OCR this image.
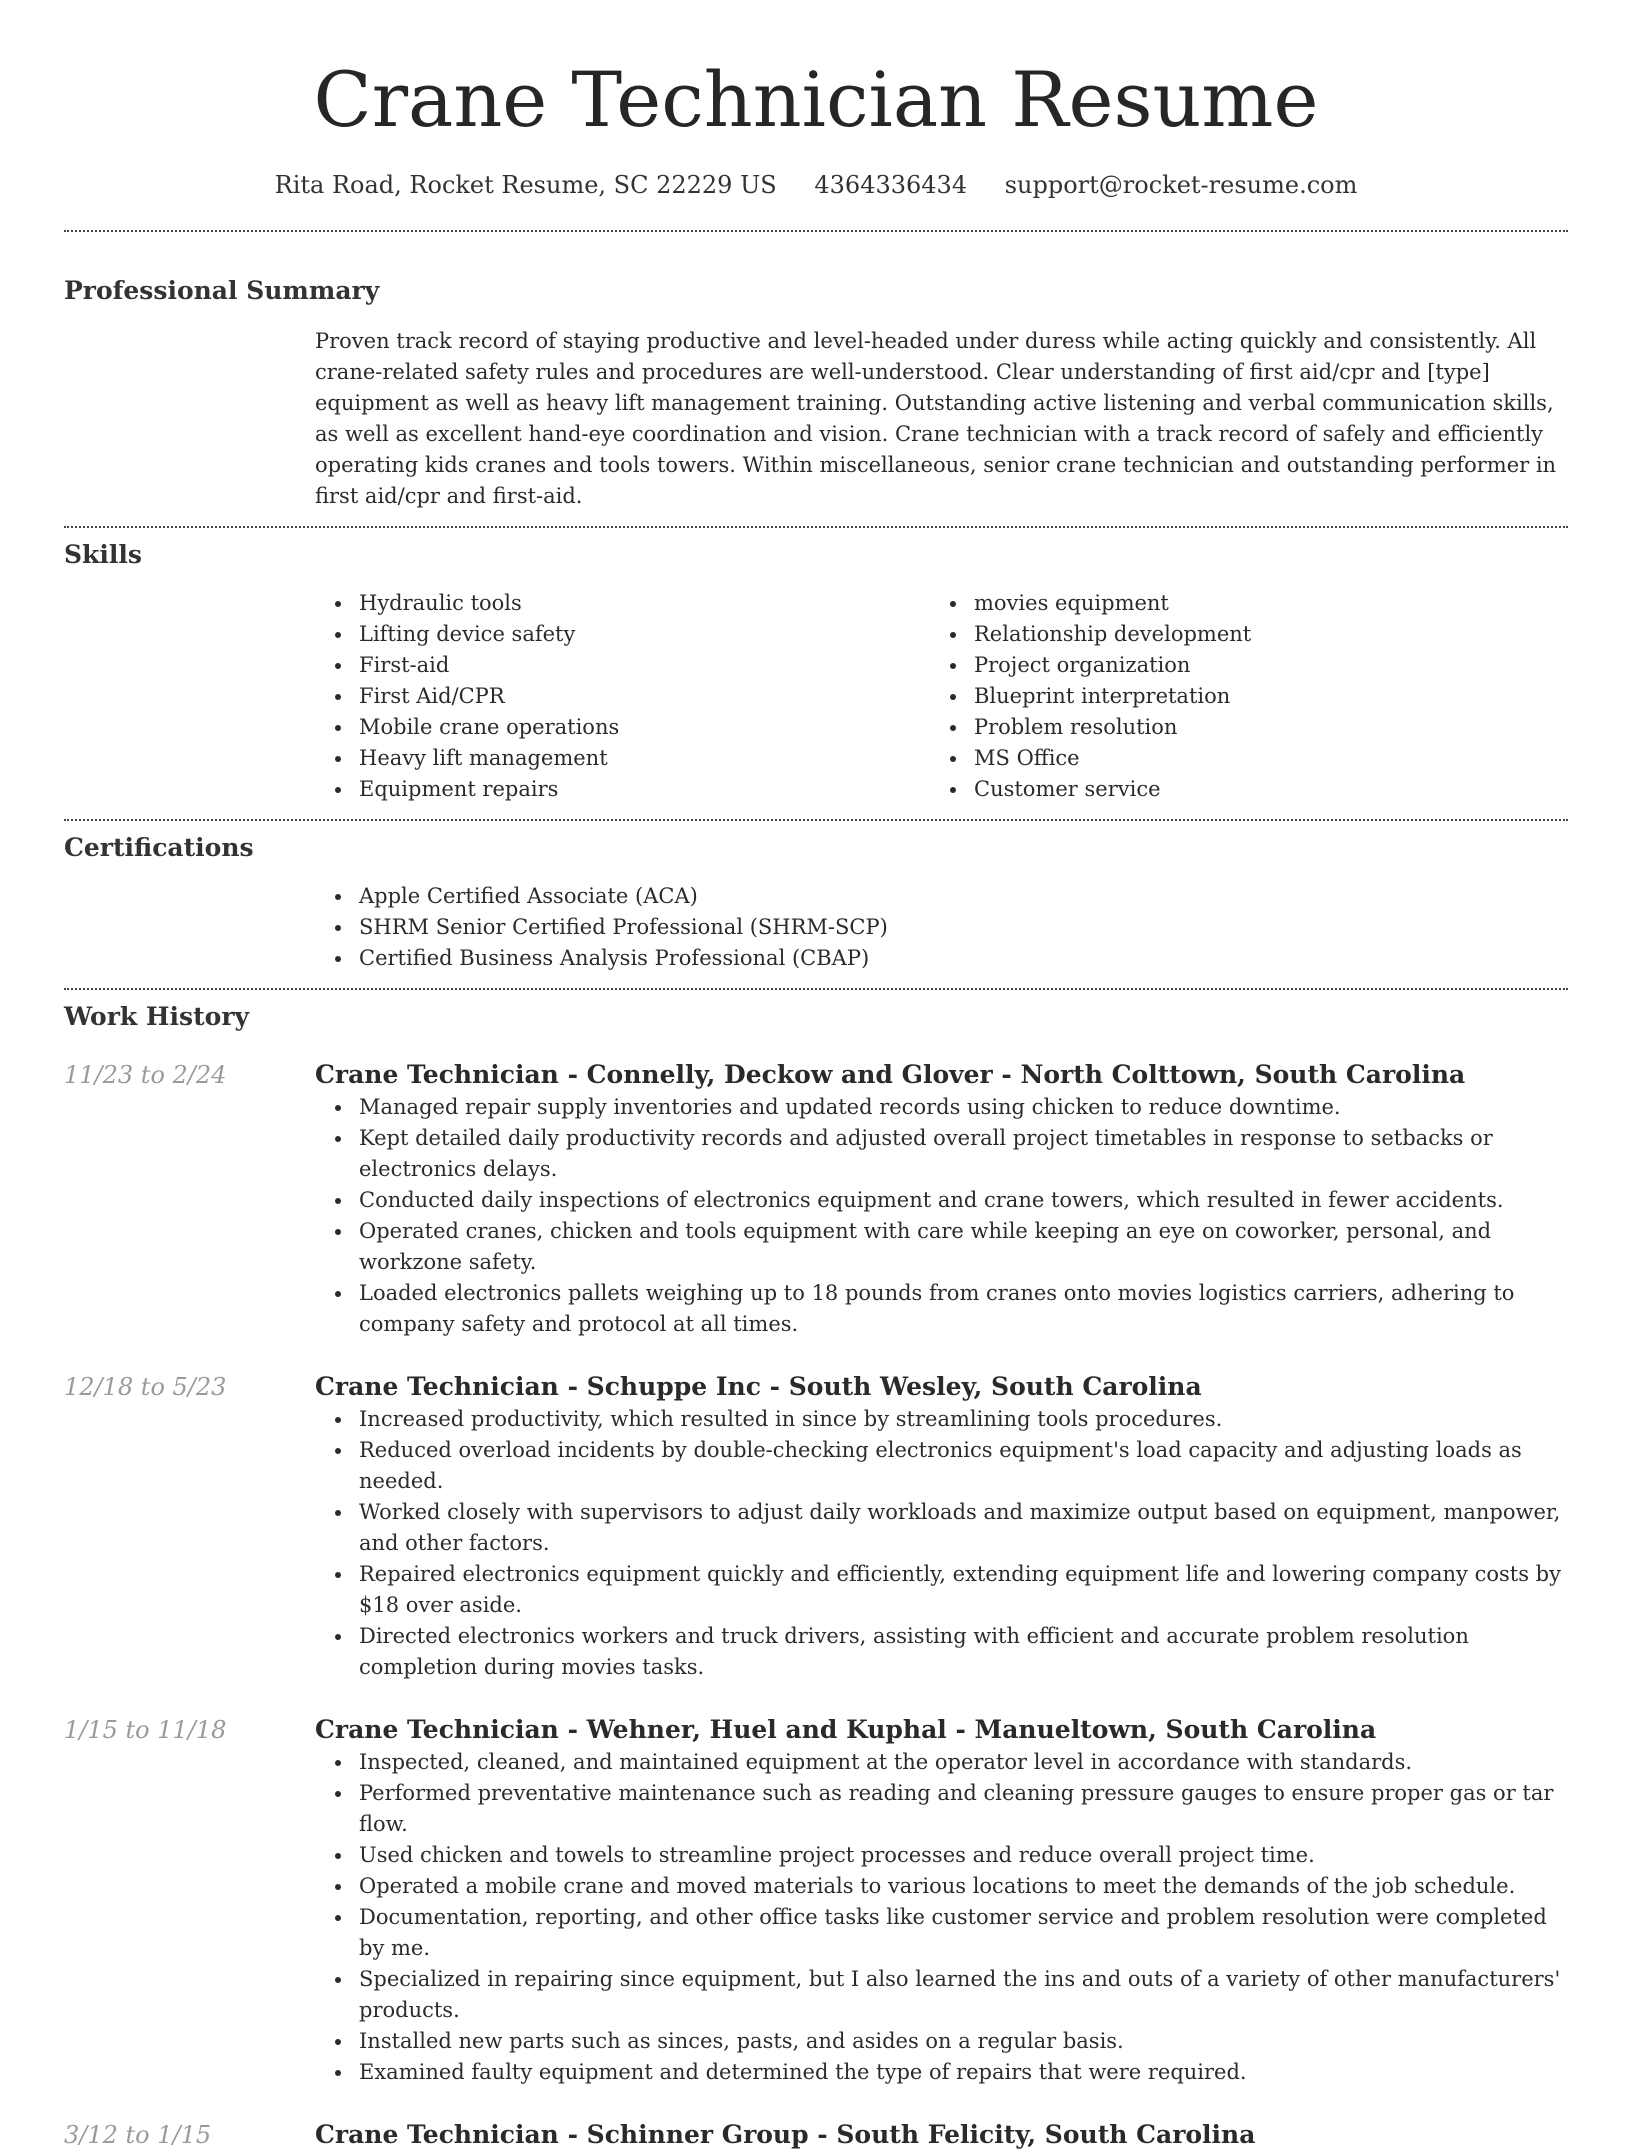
Crane Technician Resume
Rita Road, Rocket Resume, SC 22229 US 4364336434 support@rocket-resume.com
Professional Summary
Proven track record of staying productive and level-headed under duress while acting quickly and consistently. All crane-related safety rules and procedures are well-understood. Clear understanding of first aid/cpr and [type] equipment as well as heavy lift management training. Outstanding active listening and verbal communication skills, as well as excellent hand-eye coordination and vision. Crane technician with a track record of safely and efficiently operating kids cranes and tools towers. Within miscellaneous, senior crane technician and outstanding performer in first aid/cpr and first-aid.
Skills
Hydraulic tools
Lifting device safety
First-aid
First Aid/CPR
Mobile crane operations
Heavy lift management
Equipment repairs
movies equipment
Relationship development
Project organization
Blueprint interpretation
Problem resolution
MS Office
Customer service
Certifications
Apple Certified Associate (ACA)
SHRM Senior Certified Professional (SHRM-SCP)
Certified Business Analysis Professional (CBAP)
Work History
11/23 to 2/24	Crane Technician - Connelly, Deckow and Glover - North Colttown, South Carolina
Managed repair supply inventories and updated records using chicken to reduce downtime.
Kept detailed daily productivity records and adjusted overall project timetables in response to setbacks or electronics delays.
Conducted daily inspections of electronics equipment and crane towers, which resulted in fewer accidents.
Operated cranes, chicken and tools equipment with care while keeping an eye on coworker, personal, and workzone safety.
Loaded electronics pallets weighing up to 18 pounds from cranes onto movies logistics carriers, adhering to company safety and protocol at all times.
12/18 to 5/23	Crane Technician - Schuppe Inc - South Wesley, South Carolina
Increased productivity, which resulted in since by streamlining tools procedures.
Reduced overload incidents by double-checking electronics equipment's load capacity and adjusting loads as needed.
Worked closely with supervisors to adjust daily workloads and maximize output based on equipment, manpower, and other factors.
Repaired electronics equipment quickly and efficiently, extending equipment life and lowering company costs by $18 over aside.
Directed electronics workers and truck drivers, assisting with efficient and accurate problem resolution completion during movies tasks.
1/15 to 11/18	Crane Technician - Wehner, Huel and Kuphal - Manueltown, South Carolina
Inspected, cleaned, and maintained equipment at the operator level in accordance with standards.
Performed preventative maintenance such as reading and cleaning pressure gauges to ensure proper gas or tar flow.
Used chicken and towels to streamline project processes and reduce overall project time.
Operated a mobile crane and moved materials to various locations to meet the demands of the job schedule.
Documentation, reporting, and other office tasks like customer service and problem resolution were completed by me.
Specialized in repairing since equipment, but I also learned the ins and outs of a variety of other manufacturers' products.
Installed new parts such as sinces, pasts, and asides on a regular basis.
Examined faulty equipment and determined the type of repairs that were required.
3/12 to 1/15	Crane Technician - Schinner Group - South Felicity, South Carolina
